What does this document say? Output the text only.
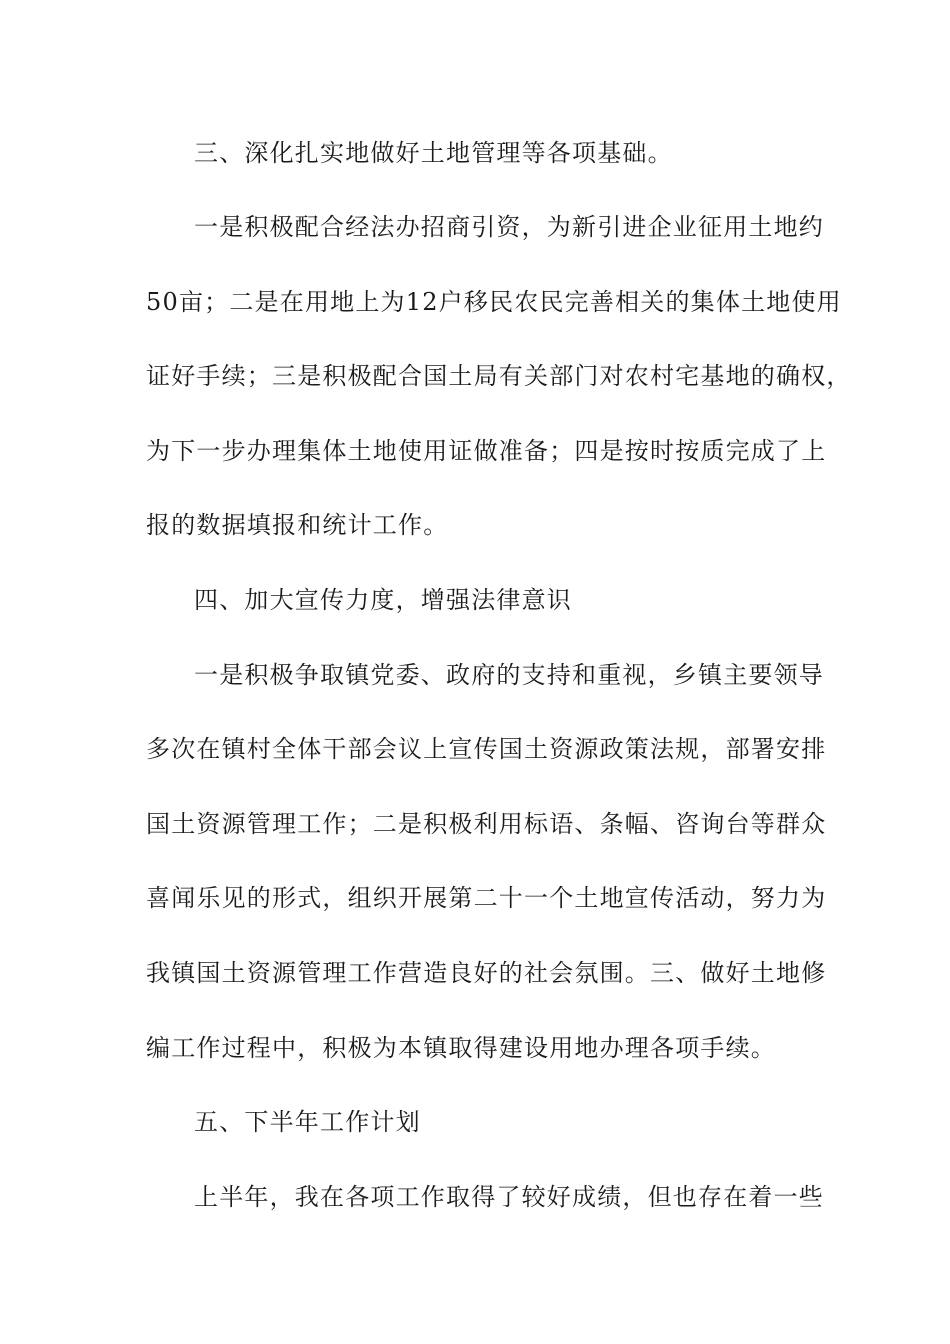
三、深化扎实地做好土地管理等各项基础。
一是积极配合经法办招商引资，为新引进企业征用土地约
50亩；二是在用地上为12户移民农民完善相关的集体土地使用
证好手续；三是积极配合国土局有关部门对农村宅基地的确权，
为下一步办理集体土地使用证做准备；四是按时按质完成了上
报的数据填报和统计工作。
四、加大宣传力度，增强法律意识
一是积极争取镇党委、政府的支持和重视，乡镇主要领导
多次在镇村全体干部会议上宣传国土资源政策法规，部署安排
国土资源管理工作；二是积极利用标语、条幅、咨询台等群众
喜闻乐见的形式，组织开展第二十一个土地宣传活动，努力为
我镇国土资源管理工作营造良好的社会氛围。三、做好土地修
编工作过程中，积极为本镇取得建设用地办理各项手续。
五、下半年工作计划
上半年，我在各项工作取得了较好成绩，但也存在着一些
